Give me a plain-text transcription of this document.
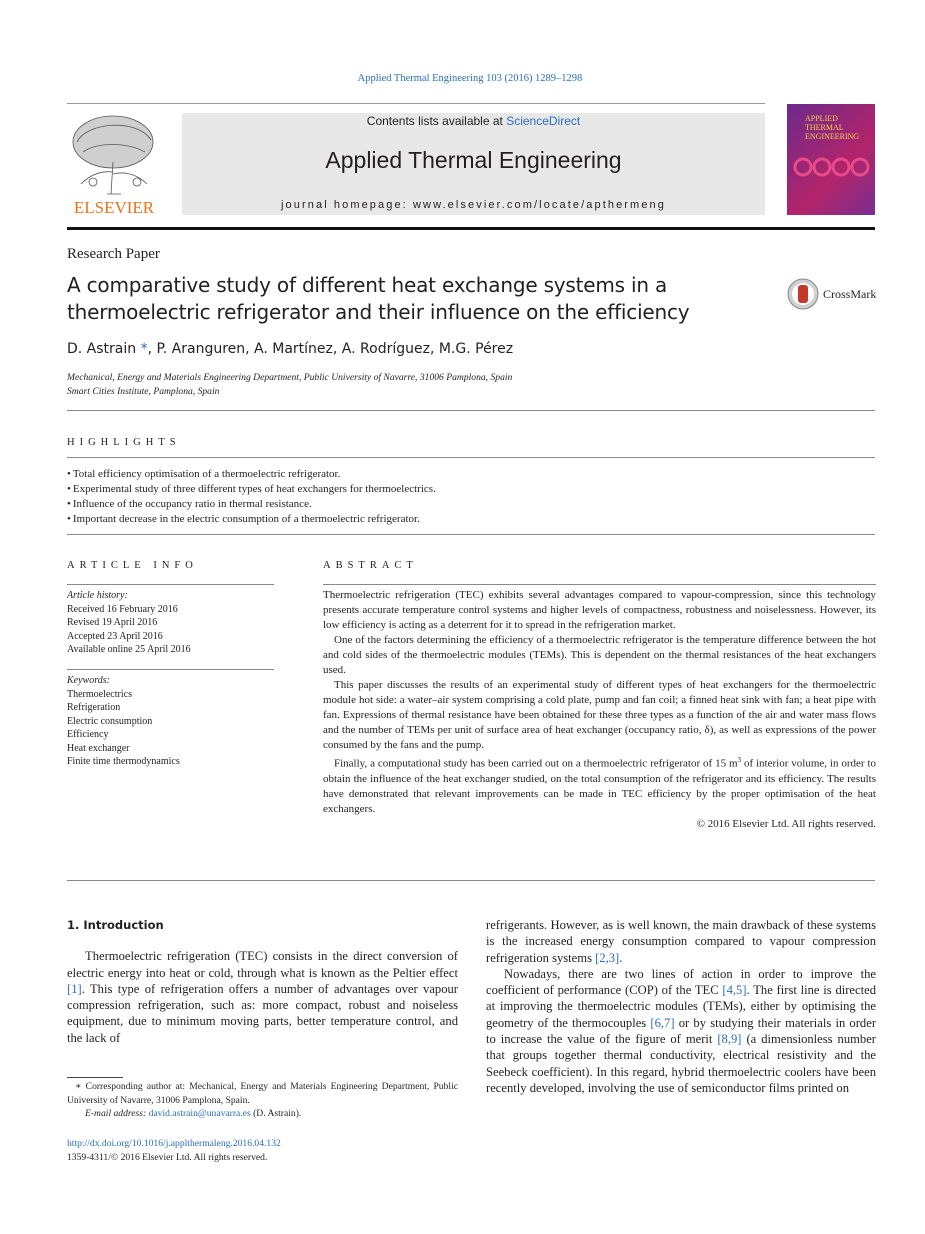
Applied Thermal Engineering 103 (2016) 1289–1298
ELSEVIER
Contents lists available at ScienceDirect
Applied Thermal Engineering
journal homepage: www.elsevier.com/locate/apthermeng
APPLIED
THERMAL
ENGINEERING
Research Paper
A comparative study of different heat exchange systems in a thermoelectric refrigerator and their influence on the efficiency
CrossMark
D. Astrain *, P. Aranguren, A. Martínez, A. Rodríguez, M.G. Pérez
Mechanical, Energy and Materials Engineering Department, Public University of Navarre, 31006 Pamplona, Spain
Smart Cities Institute, Pamplona, Spain
HIGHLIGHTS
• Total efficiency optimisation of a thermoelectric refrigerator.
• Experimental study of three different types of heat exchangers for thermoelectrics.
• Influence of the occupancy ratio in thermal resistance.
• Important decrease in the electric consumption of a thermoelectric refrigerator.
ARTICLE INFO
Article history:
Received 16 February 2016
Revised 19 April 2016
Accepted 23 April 2016
Available online 25 April 2016
Keywords:
Thermoelectrics
Refrigeration
Electric consumption
Efficiency
Heat exchanger
Finite time thermodynamics
ABSTRACT

Thermoelectric refrigeration (TEC) exhibits several advantages compared to vapour-compression, since this technology presents accurate temperature control systems and higher levels of compactness, robustness and noiselessness. However, its low efficiency is acting as a deterrent for it to spread in the refrigeration market.

One of the factors determining the efficiency of a thermoelectric refrigerator is the temperature difference between the hot and cold sides of the thermoelectric modules (TEMs). This is dependent on the thermal resistances of the heat exchangers used.

This paper discusses the results of an experimental study of different types of heat exchangers for the thermoelectric module hot side: a water–air system comprising a cold plate, pump and fan coil; a finned heat sink with fan; a heat pipe with fan. Expressions of thermal resistance have been obtained for these three types as a function of the air and water mass flows and the number of TEMs per unit of surface area of heat exchanger (occupancy ratio, δ), as well as expressions of the power consumed by the fans and the pump.

Finally, a computational study has been carried out on a thermoelectric refrigerator of 15 $m^3$ of interior volume, in order to obtain the influence of the heat exchanger studied, on the total consumption of the refrigerator and its efficiency. The results have demonstrated that relevant improvements can be made in TEC efficiency by the proper optimisation of the heat exchangers.

© 2016 Elsevier Ltd. All rights reserved.

1. Introduction

Thermoelectric refrigeration (TEC) consists in the direct conversion of electric energy into heat or cold, through what is known as the Peltier effect [1]. This type of refrigeration offers a number of advantages over vapour compression refrigeration, such as: more compact, robust and noiseless equipment, due to minimum moving parts, better temperature control, and the lack of

refrigerants. However, as is well known, the main drawback of these systems is the increased energy consumption compared to vapour compression refrigeration systems [2,3].

Nowadays, there are two lines of action in order to improve the coefficient of performance (COP) of the TEC [4,5]. The first line is directed at improving the thermoelectric modules (TEMs), either by optimising the geometry of the thermocouples [6,7] or by studying their materials in order to increase the value of the figure of merit [8,9] (a dimensionless number that groups together thermal conductivity, electrical resistivity and the Seebeck coefficient). In this regard, hybrid thermoelectric coolers have been recently developed, involving the use of semiconductor films printed on

∗ Corresponding author at: Mechanical, Energy and Materials Engineering Department, Public University of Navarre, 31006 Pamplona, Spain.

E-mail address: david.astrain@unavarra.es (D. Astrain).

http://dx.doi.org/10.1016/j.applthermaleng.2016.04.132
1359-4311/© 2016 Elsevier Ltd. All rights reserved.
